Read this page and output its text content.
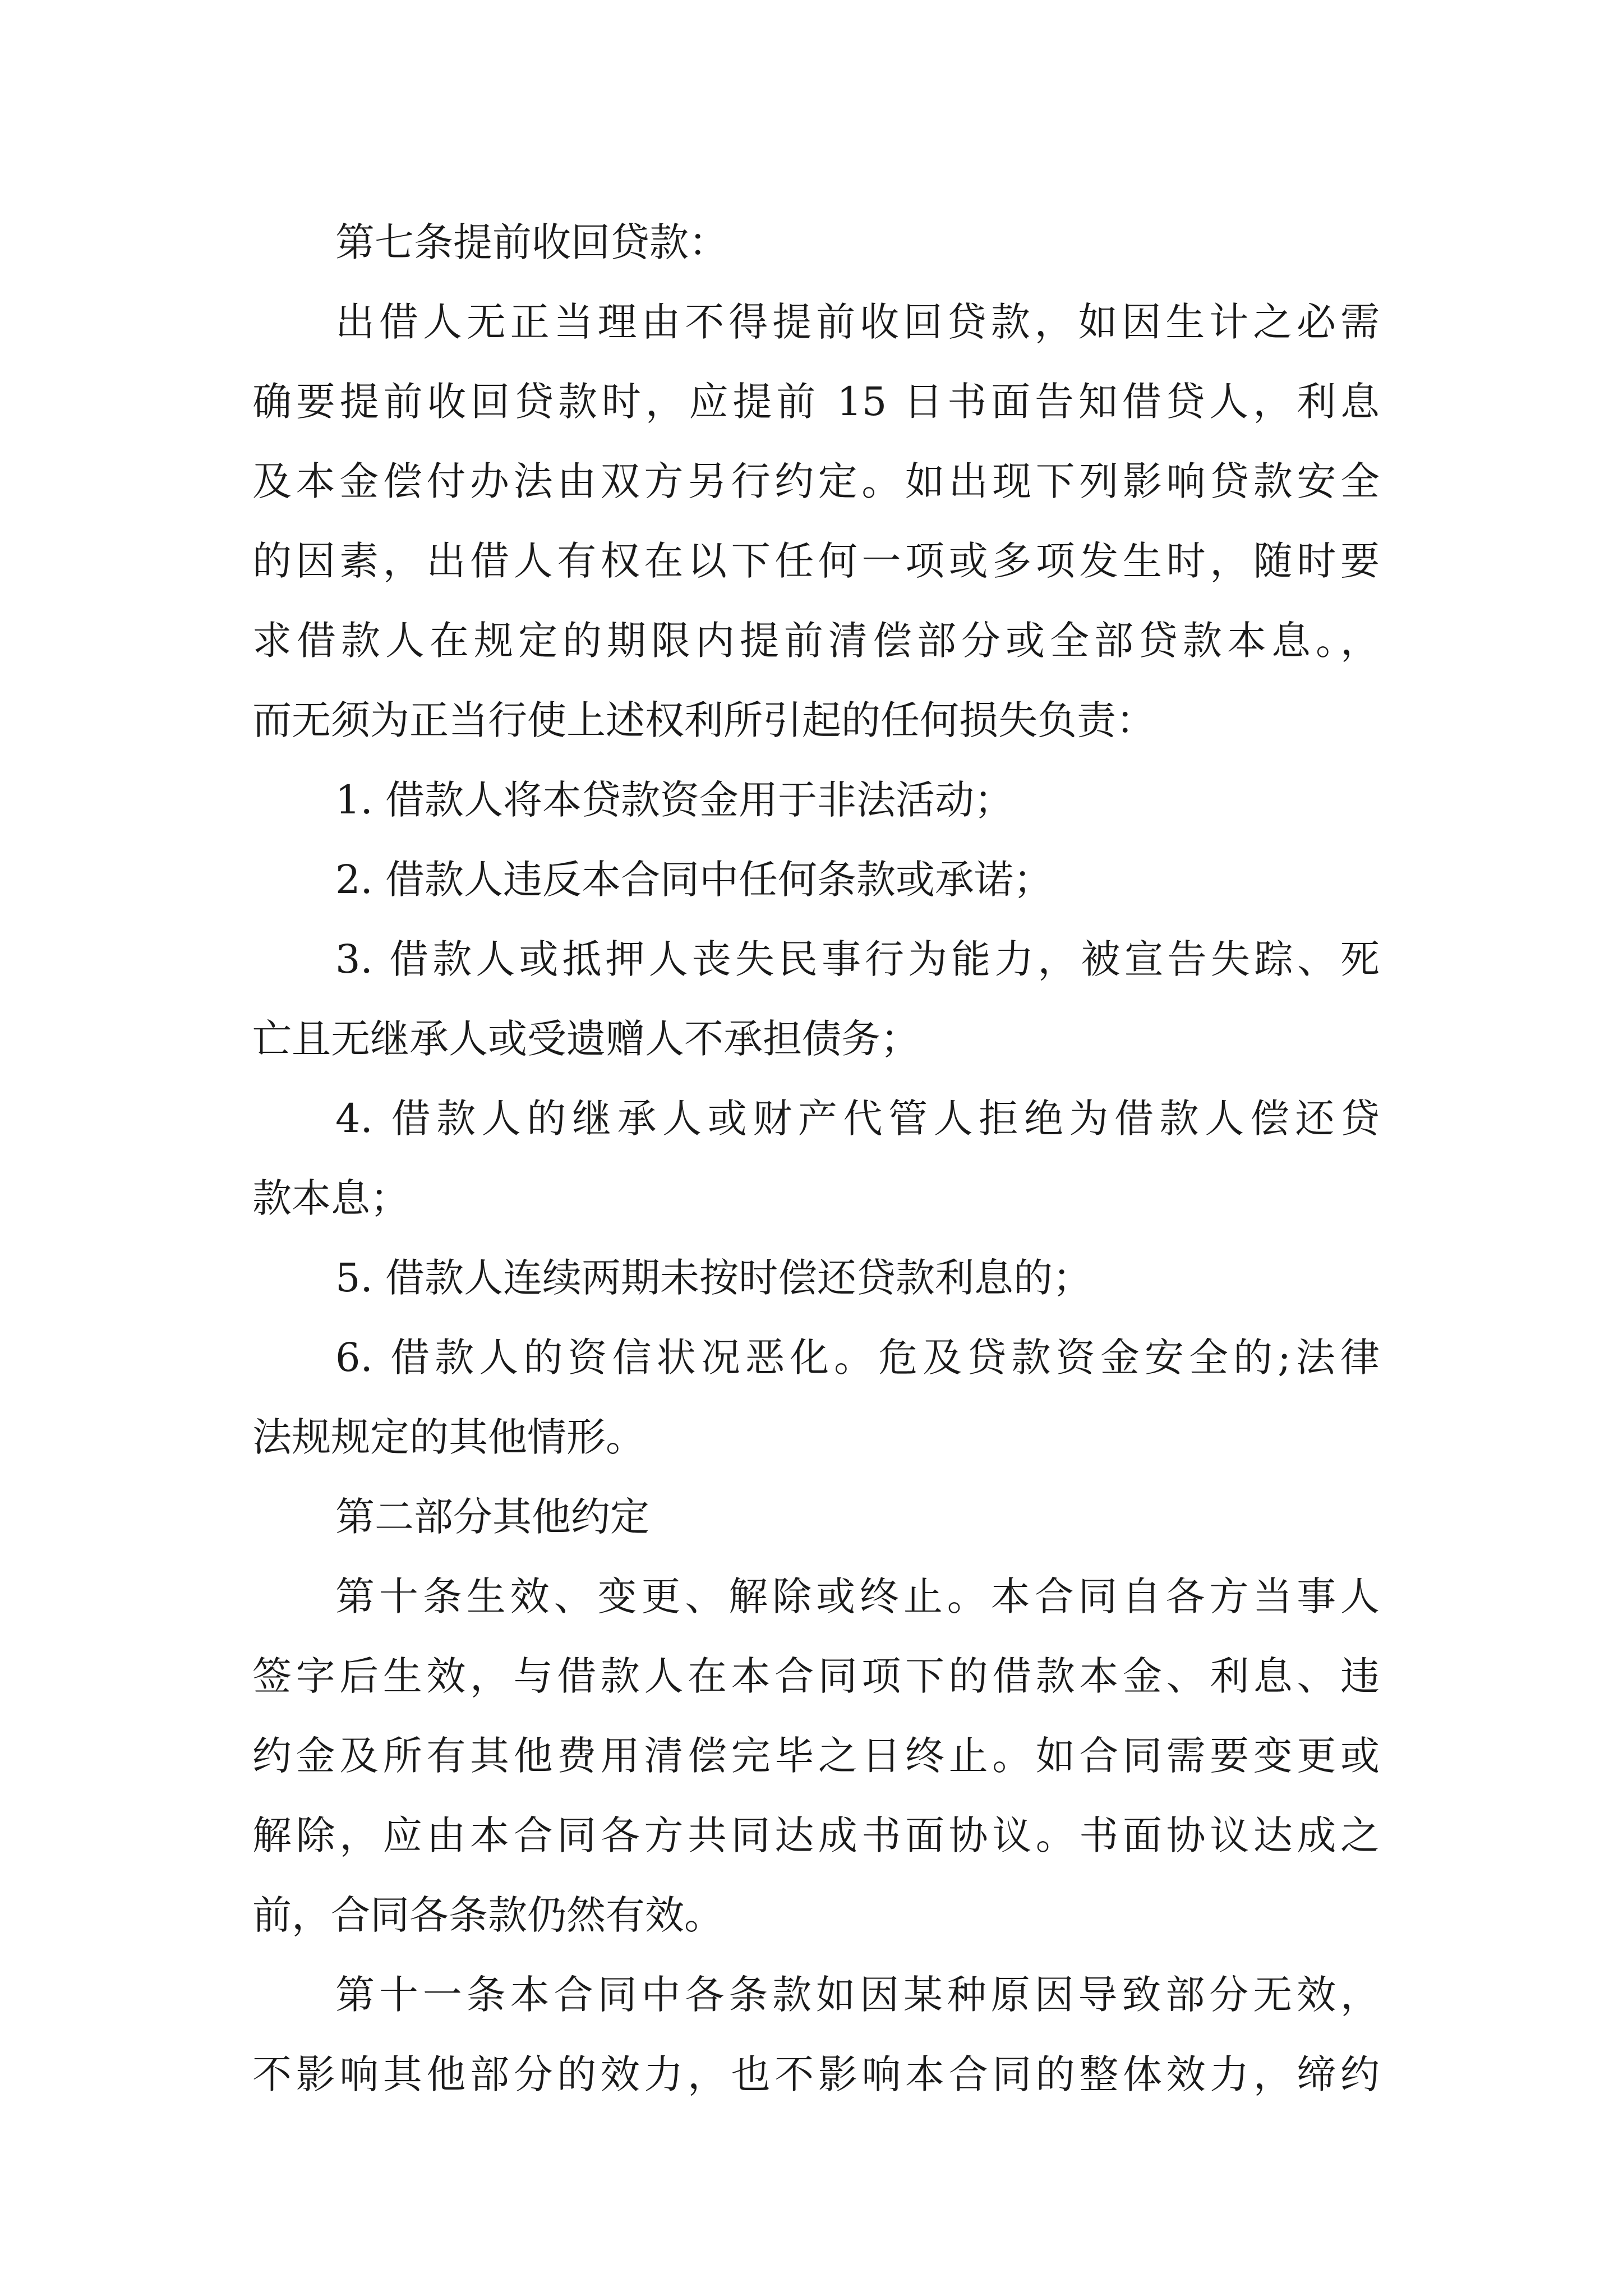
第七条提前收回贷款：
出借人无正当理由不得提前收回贷款，如因生计之必需
确要提前收回贷款时，应提前 15 日书面告知借贷人，利息
及本金偿付办法由双方另行约定。如出现下列影响贷款安全
的因素，出借人有权在以下任何一项或多项发生时，随时要
求借款人在规定的期限内提前清偿部分或全部贷款本息。，
而无须为正当行使上述权利所引起的任何损失负责：
1. 借款人将本贷款资金用于非法活动；
2. 借款人违反本合同中任何条款或承诺；
3. 借款人或抵押人丧失民事行为能力，被宣告失踪、死
亡且无继承人或受遗赠人不承担债务；
4. 借款人的继承人或财产代管人拒绝为借款人偿还贷
款本息；
5. 借款人连续两期未按时偿还贷款利息的；
6. 借款人的资信状况恶化。危及贷款资金安全的;法律
法规规定的其他情形。
第二部分其他约定
第十条生效、变更、解除或终止。本合同自各方当事人
签字后生效，与借款人在本合同项下的借款本金、利息、违
约金及所有其他费用清偿完毕之日终止。如合同需要变更或
解除，应由本合同各方共同达成书面协议。书面协议达成之
前，合同各条款仍然有效。
第十一条本合同中各条款如因某种原因导致部分无效，
不影响其他部分的效力，也不影响本合同的整体效力，缔约
